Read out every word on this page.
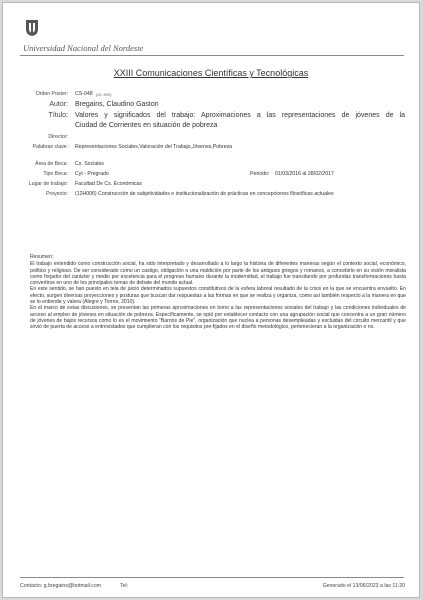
Universidad Nacional del Nordeste
XXIII Comunicaciones Científicas y Tecnológicas
Orden Poster: CS-048 (ID: 893)
Autor: Bregains, Claudino Gaston
Título: Valores y significados del trabajo: Aproximaciones a las representaciones de jóvenes de la
Ciudad de Corrientes en situación de pobreza
Director:
Palabras clave: Representaciones Sociales,Valoración del Trabajo,Jóvenes,Pobreza
Área de Beca: Cs. Sociales
Tipo Beca: Cyt - Pregrado	Periodo: 01/03/2016 al 28/02/2017
Lugar de trabajo: Facultad De Cs. Económicas
Proyecto: (12H006) Construcción de subjetividades e institucionalización de prácticas en concepciones filosóficas actuales

Resumen:

El trabajo entendido como construcción social, ha sido interpretado y desarrollado a lo largo la historia de diferentes maneras según el contexto social, económico, político y religioso. De ser considerado como un castigo, obligación o una maldición por parte de los antiguos griegos y romanos, a concebirlo en su visión moralista como forjador del carácter y medio por excelencia para el progreso humano durante la modernidad, el trabajo fue transitando por profundas transformaciones hasta convertirse en uno de los principales temas de debate del mundo actual.

En este sentido, se han puesto en tela de juicio determinados supuestos constitutivos de la esfera laboral resultado de la crisis en la que se encuentra envuelto. En efecto, surgen diversas proyecciones y posturas que buscan dar respuestas a las formas en que se realiza y organiza, como así también respecto a la manera en que se lo entiende y valora (Alegre y Torres, 2010).

En el marco de estas discusiones, se presentan las primeras aproximaciones en torno a las representaciones sociales del trabajo y las condiciones individuales de acceso al empleo de jóvenes en situación de pobreza. Específicamente, se optó por establecer contacto con una agrupación social que concentra a un gran número de jóvenes de bajos recursos como lo es el movimiento "Barrios de Pie", organización que nuclea a personas desempleadas y excluidas del circuito mercantil y que sirvió de puerta de acceso a entrevistados que cumplieran con los requisitos pre-fijados en el diseño metodológico, pertenecieran a la organización o no.

Contacto: g.bregains@hotmail.com	Tel:	Generado el 13/06/2023 a las 11:20
